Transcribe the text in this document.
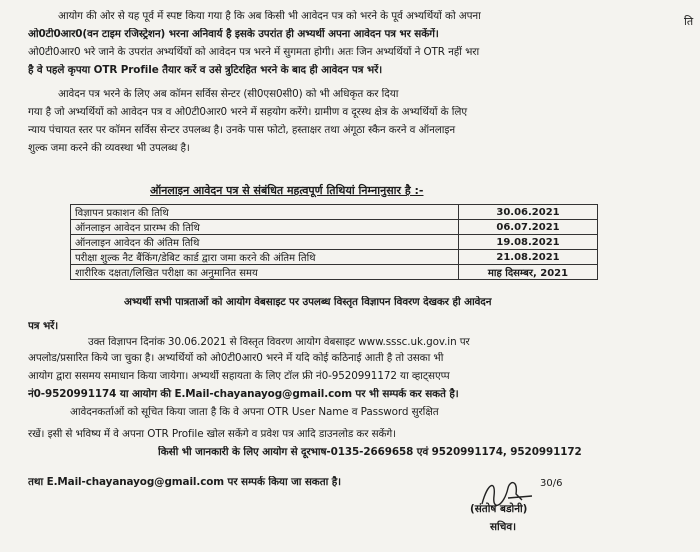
ति
आयोग की ओर से यह पूर्व में स्पष्ट किया गया है कि अब किसी भी आवेदन पत्र को भरने के पूर्व अभ्यर्थियों को अपना
ओ0टी0आर0(वन टाइम रजिस्ट्रेशन) भरना अनिवार्य है इसके उपरांत ही अभ्यर्थी अपना आवेदन पत्र भर सकेंगें।
ओ0टी0आर0 भरे जाने के उपरांत अभ्यर्थियों को आवेदन पत्र भरने में सुगमता होगी। अतः जिन अभ्यर्थियों ने OTR नहीं भरा
है वे पहले कृपया OTR Profile तैयार करें व उसे त्रुटिरहित भरने के बाद ही आवेदन पत्र भरें।
आवेदन पत्र भरने के लिए अब कॉमन सर्विस सेन्टर (सी0एस0सी0) को भी अधिकृत कर दिया
गया है जो अभ्यर्थियों को आवेदन पत्र व ओ0टी0आर0 भरने में सहयोग करेंगे। ग्रामीण व दूरस्थ क्षेत्र के अभ्यर्थियों के लिए
न्याय पंचायत स्तर पर कॉमन सर्विस सेन्टर उपलब्ध है। उनके पास फोटो, हस्ताक्षर तथा अंगूठा स्कैन करने व ऑनलाइन
शुल्क जमा करने की व्यवस्था भी उपलब्ध है।
ऑनलाइन आवेदन पत्र से संबंधित महत्वपूर्ण तिथियां निम्नानुसार है :-
विज्ञापन प्रकाशन की तिथि	30.06.2021
ऑनलाइन आवेदन प्रारम्भ की तिथि	06.07.2021
ऑनलाइन आवेदन की अंतिम तिथि	19.08.2021
परीक्षा शुल्क नैट बैंकिंग/डेबिट कार्ड द्वारा जमा करने की अंतिम तिथि	21.08.2021
शारीरिक दक्षता/लिखित परीक्षा का अनुमानित समय	माह दिसम्बर, 2021
अभ्यर्थी सभी पात्रताओं को आयोग वेबसाइट पर उपलब्ध विस्तृत विज्ञापन विवरण देखकर ही आवेदन
पत्र भरें।
उक्त विज्ञापन दिनांक 30.06.2021 से विस्तृत विवरण आयोग वेबसाइट www.sssc.uk.gov.in पर
अपलोड/प्रसारित किये जा चुका है। अभ्यर्थियों को ओ0टी0आर0 भरने में यदि कोई कठिनाई आती है तो उसका भी
आयोग द्वारा ससमय समाधान किया जायेगा। अभ्यर्थी सहायता के लिए टॉल फ्री नं0-9520991172 या व्हाट्सएप्प
नं0-9520991174 या आयोग की E.Mail-chayanayog@gmail.com पर भी सम्पर्क कर सकते है।
आवेदनकर्ताओं को सूचित किया जाता है कि वे अपना OTR User Name व Password सुरक्षित
रखें। इसी से भविष्य में वे अपना OTR Profile खोल सकेंगे व प्रवेश पत्र आदि डाउनलोड कर सकेंगे।
किसी भी जानकारी के लिए आयोग से दूरभाष-0135-2669658 एवं 9520991174, 9520991172
तथा E.Mail-chayanayog@gmail.com पर सम्पर्क किया जा सकता है।	30/6
(संतोष बडोनी)
सचिव।
